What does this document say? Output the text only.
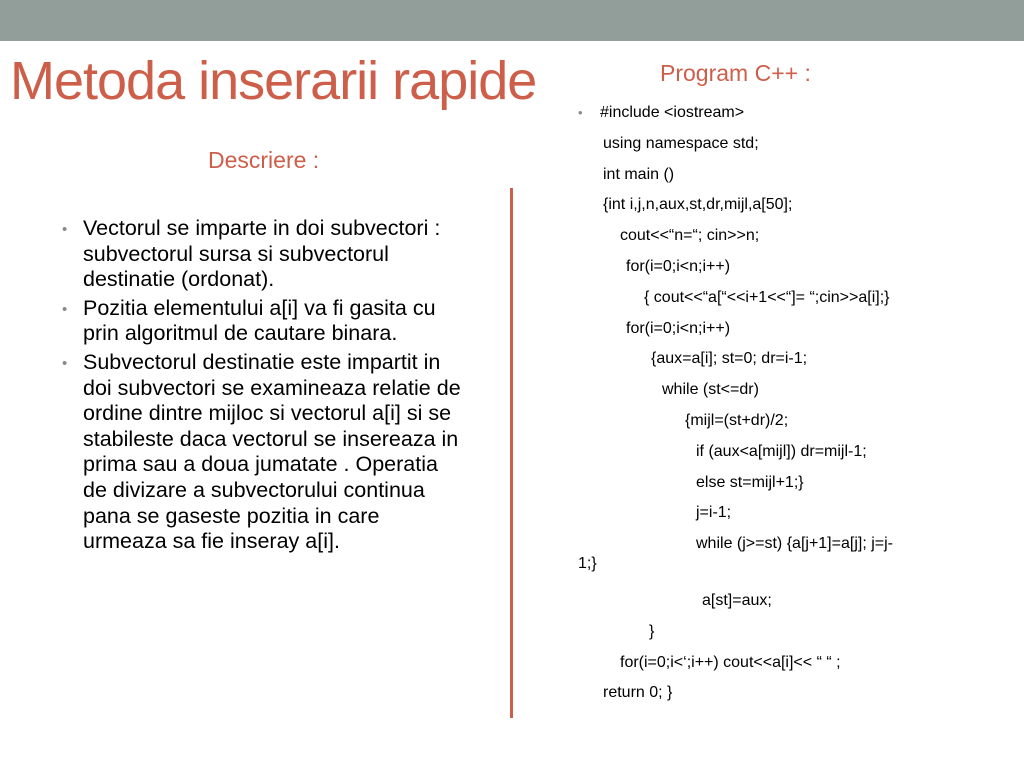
Metoda inserarii rapide
Descriere :
Program C++ :
• Vectorul se imparte in doi subvectori : subvectorul sursa si subvectorul destinatie (ordonat).
• Pozitia elementului a[i] va fi gasita cu prin algoritmul de cautare binara.
• Subvectorul destinatie este impartit in doi subvectori se examineaza relatie de ordine dintre mijloc si vectorul a[i] si se stabileste daca vectorul se insereaza in prima sau a doua jumatate . Operatia de divizare a subvectorului continua pana se gaseste pozitia in care urmeaza sa fie inseray a[i].
• #include <iostream>
using namespace std;
int main ()
{int i,j,n,aux,st,dr,mijl,a[50];
cout<<“n=“; cin>>n;
for(i=0;i<n;i++)
{ cout<<“a[“<<i+1<<“]= “;cin>>a[i];}
for(i=0;i<n;i++)
{aux=a[i]; st=0; dr=i-1;
while (st<=dr)
{mijl=(st+dr)/2;
if (aux<a[mijl]) dr=mijl-1;
else st=mijl+1;}
j=i-1;
while (j>=st) {a[j+1]=a[j]; j=j-
1;}
a[st]=aux;
}
for(i=0;i<‘;i++) cout<<a[i]<< “ “ ;
return 0; }
